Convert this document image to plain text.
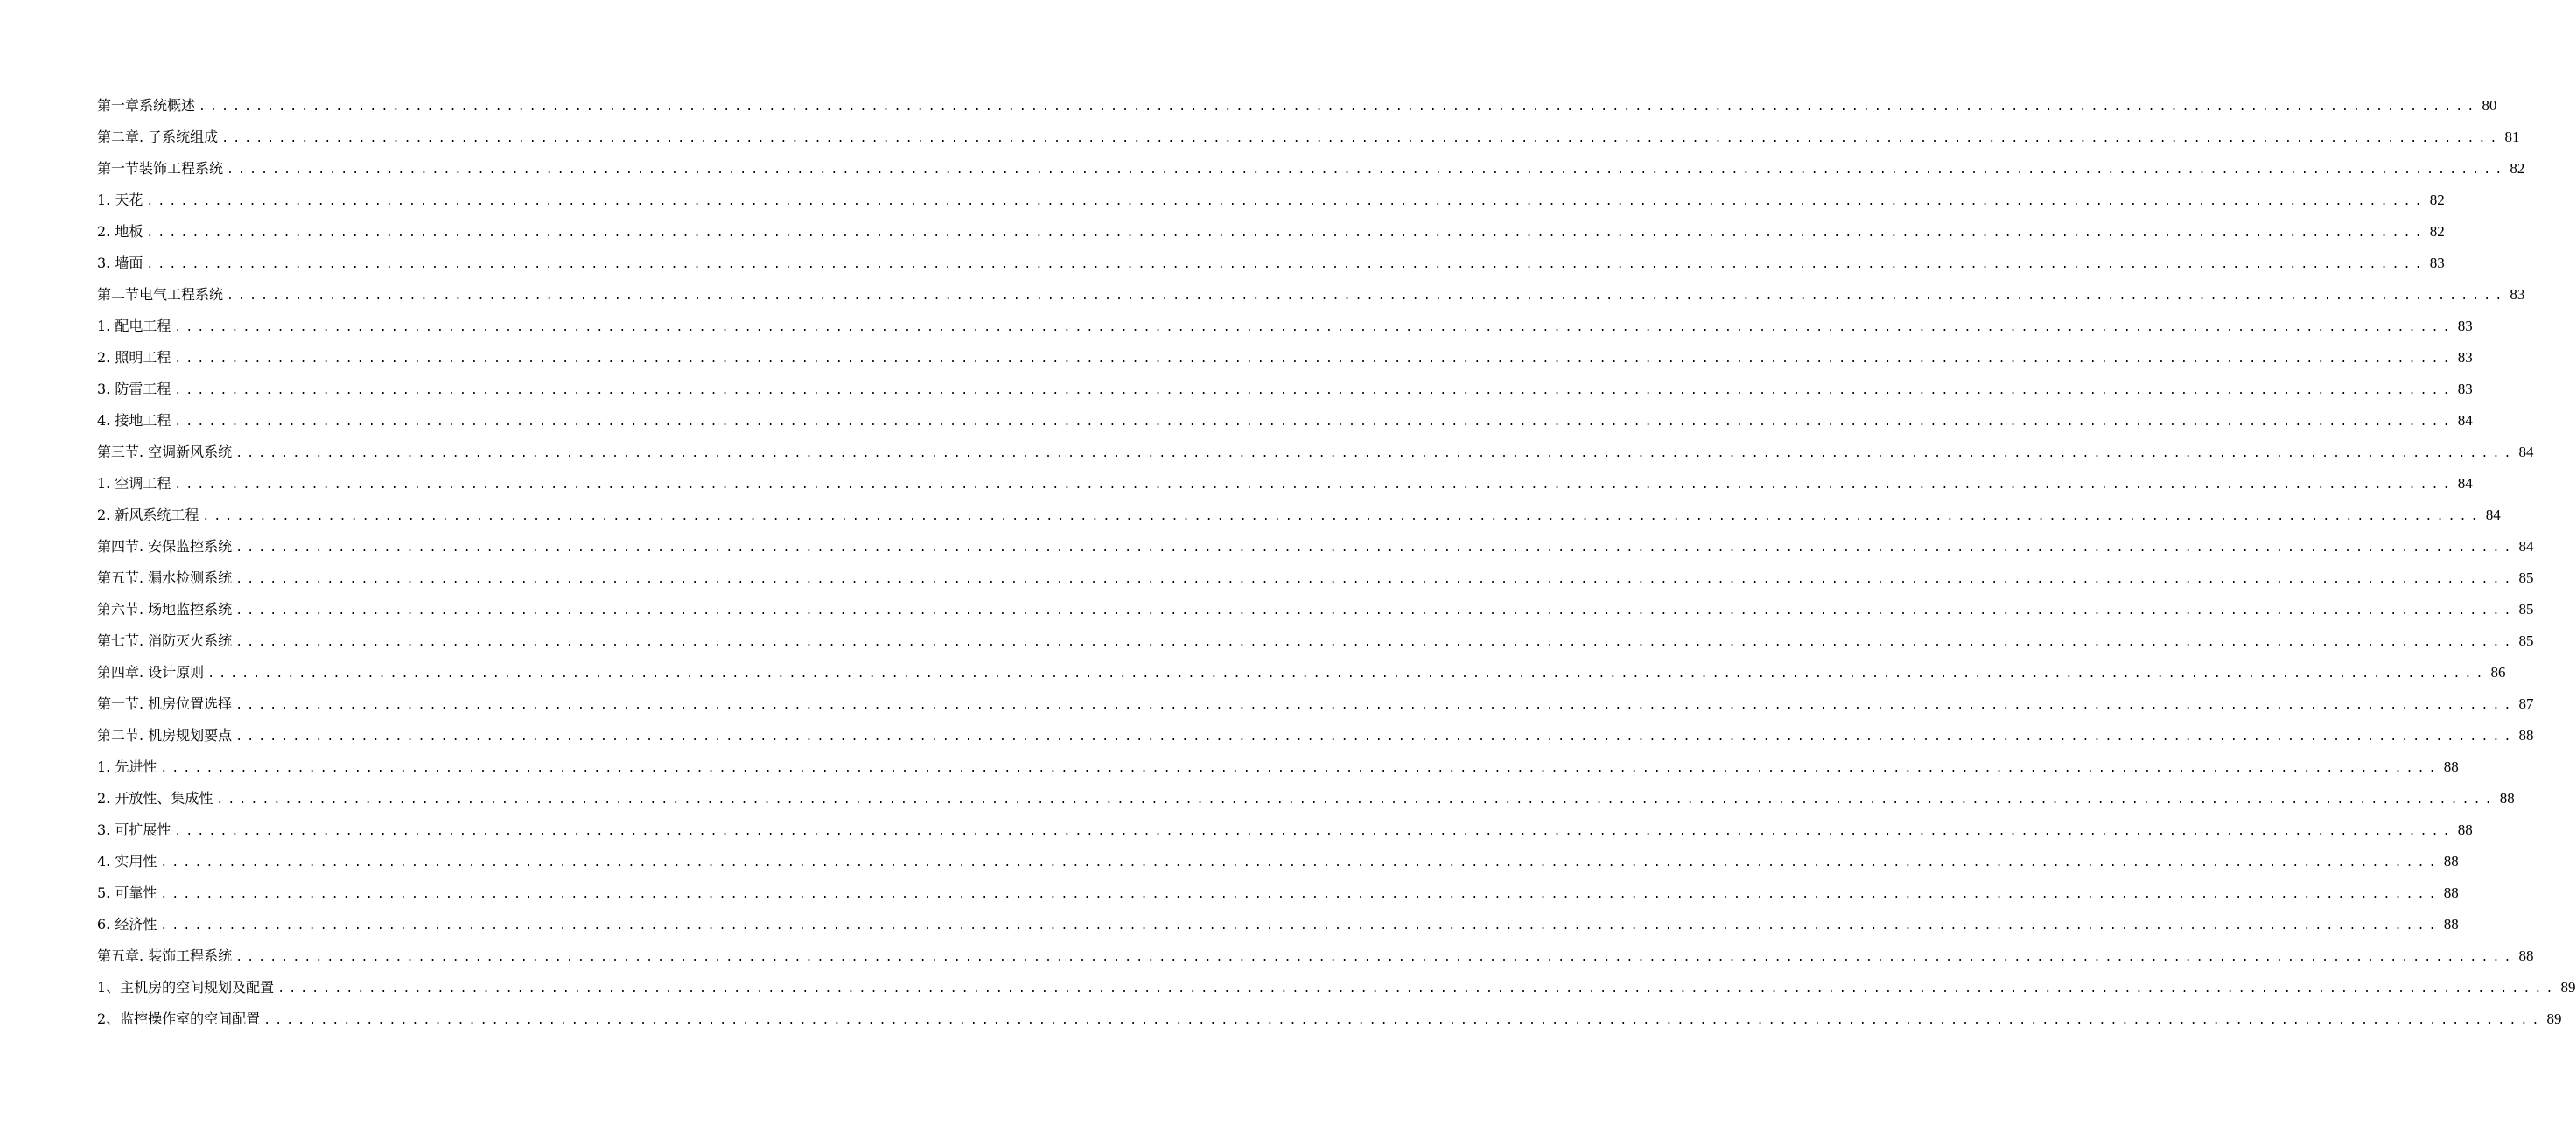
第一章系统概述 ........................................................................................................................................................................................................ 80
第二章. 子系统组成 ........................................................................................................................................................................................................ 81
第一节装饰工程系统 ........................................................................................................................................................................................................ 82
1. 天花 ........................................................................................................................................................................................................ 82
2. 地板 ........................................................................................................................................................................................................ 82
3. 墙面 ........................................................................................................................................................................................................ 83
第二节电气工程系统 ........................................................................................................................................................................................................ 83
1. 配电工程 ........................................................................................................................................................................................................ 83
2. 照明工程 ........................................................................................................................................................................................................ 83
3. 防雷工程 ........................................................................................................................................................................................................ 83
4. 接地工程 ........................................................................................................................................................................................................ 84
第三节. 空调新风系统 ........................................................................................................................................................................................................ 84
1. 空调工程 ........................................................................................................................................................................................................ 84
2. 新风系统工程 ........................................................................................................................................................................................................ 84
第四节. 安保监控系统 ........................................................................................................................................................................................................ 84
第五节. 漏水检测系统 ........................................................................................................................................................................................................ 85
第六节. 场地监控系统 ........................................................................................................................................................................................................ 85
第七节. 消防灭火系统 ........................................................................................................................................................................................................ 85
第四章. 设计原则 ........................................................................................................................................................................................................ 86
第一节. 机房位置选择 ........................................................................................................................................................................................................ 87
第二节. 机房规划要点 ........................................................................................................................................................................................................ 88
1. 先进性 ........................................................................................................................................................................................................ 88
2. 开放性、集成性 ........................................................................................................................................................................................................ 88
3. 可扩展性 ........................................................................................................................................................................................................ 88
4. 实用性 ........................................................................................................................................................................................................ 88
5. 可靠性 ........................................................................................................................................................................................................ 88
6. 经济性 ........................................................................................................................................................................................................ 88
第五章. 装饰工程系统 ........................................................................................................................................................................................................ 88
1、主机房的空间规划及配置 ........................................................................................................................................................................................................ 89
2、监控操作室的空间配置 ........................................................................................................................................................................................................ 89
